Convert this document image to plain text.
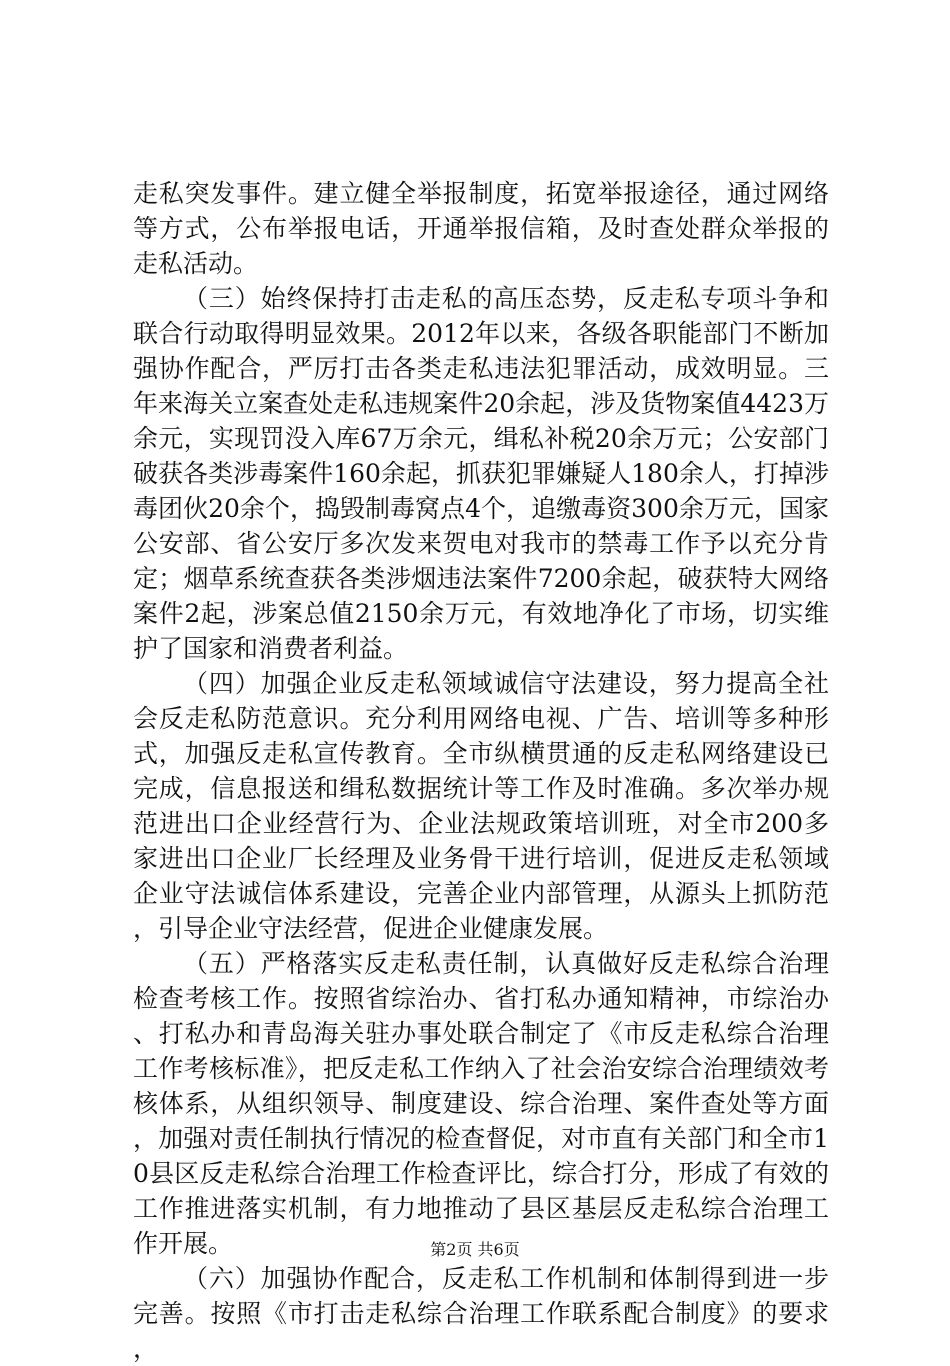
走私突发事件。建立健全举报制度，拓宽举报途径，通过网络等方式，公布举报电话，开通举报信箱，及时查处群众举报的走私活动。

（三）始终保持打击走私的高压态势，反走私专项斗争和联合行动取得明显效果。2012年以来，各级各职能部门不断加强协作配合，严厉打击各类走私违法犯罪活动，成效明显。三年来海关立案查处走私违规案件20余起，涉及货物案值4423万余元，实现罚没入库67万余元，缉私补税20余万元；公安部门破获各类涉毒案件160余起，抓获犯罪嫌疑人180余人，打掉涉毒团伙20余个，捣毁制毒窝点4个，追缴毒资300余万元，国家公安部、省公安厅多次发来贺电对我市的禁毒工作予以充分肯定；烟草系统查获各类涉烟违法案件7200余起，破获特大网络案件2起，涉案总值2150余万元，有效地净化了市场，切实维护了国家和消费者利益。

（四）加强企业反走私领域诚信守法建设，努力提高全社会反走私防范意识。充分利用网络电视、广告、培训等多种形式，加强反走私宣传教育。全市纵横贯通的反走私网络建设已完成，信息报送和缉私数据统计等工作及时准确。多次举办规范进出口企业经营行为、企业法规政策培训班，对全市200多家进出口企业厂长经理及业务骨干进行培训，促进反走私领域企业守法诚信体系建设，完善企业内部管理，从源头上抓防范，引导企业守法经营，促进企业健康发展。

（五）严格落实反走私责任制，认真做好反走私综合治理检查考核工作。按照省综治办、省打私办通知精神，市综治办、打私办和青岛海关驻办事处联合制定了《市反走私综合治理工作考核标准》，把反走私工作纳入了社会治安综合治理绩效考核体系，从组织领导、制度建设、综合治理、案件查处等方面，加强对责任制执行情况的检查督促，对市直有关部门和全市10县区反走私综合治理工作检查评比，综合打分，形成了有效的工作推进落实机制，有力地推动了县区基层反走私综合治理工作开展。

（六）加强协作配合，反走私工作机制和体制得到进一步完善。按照《市打击走私综合治理工作联系配合制度》的要求，

第2页 共6页
